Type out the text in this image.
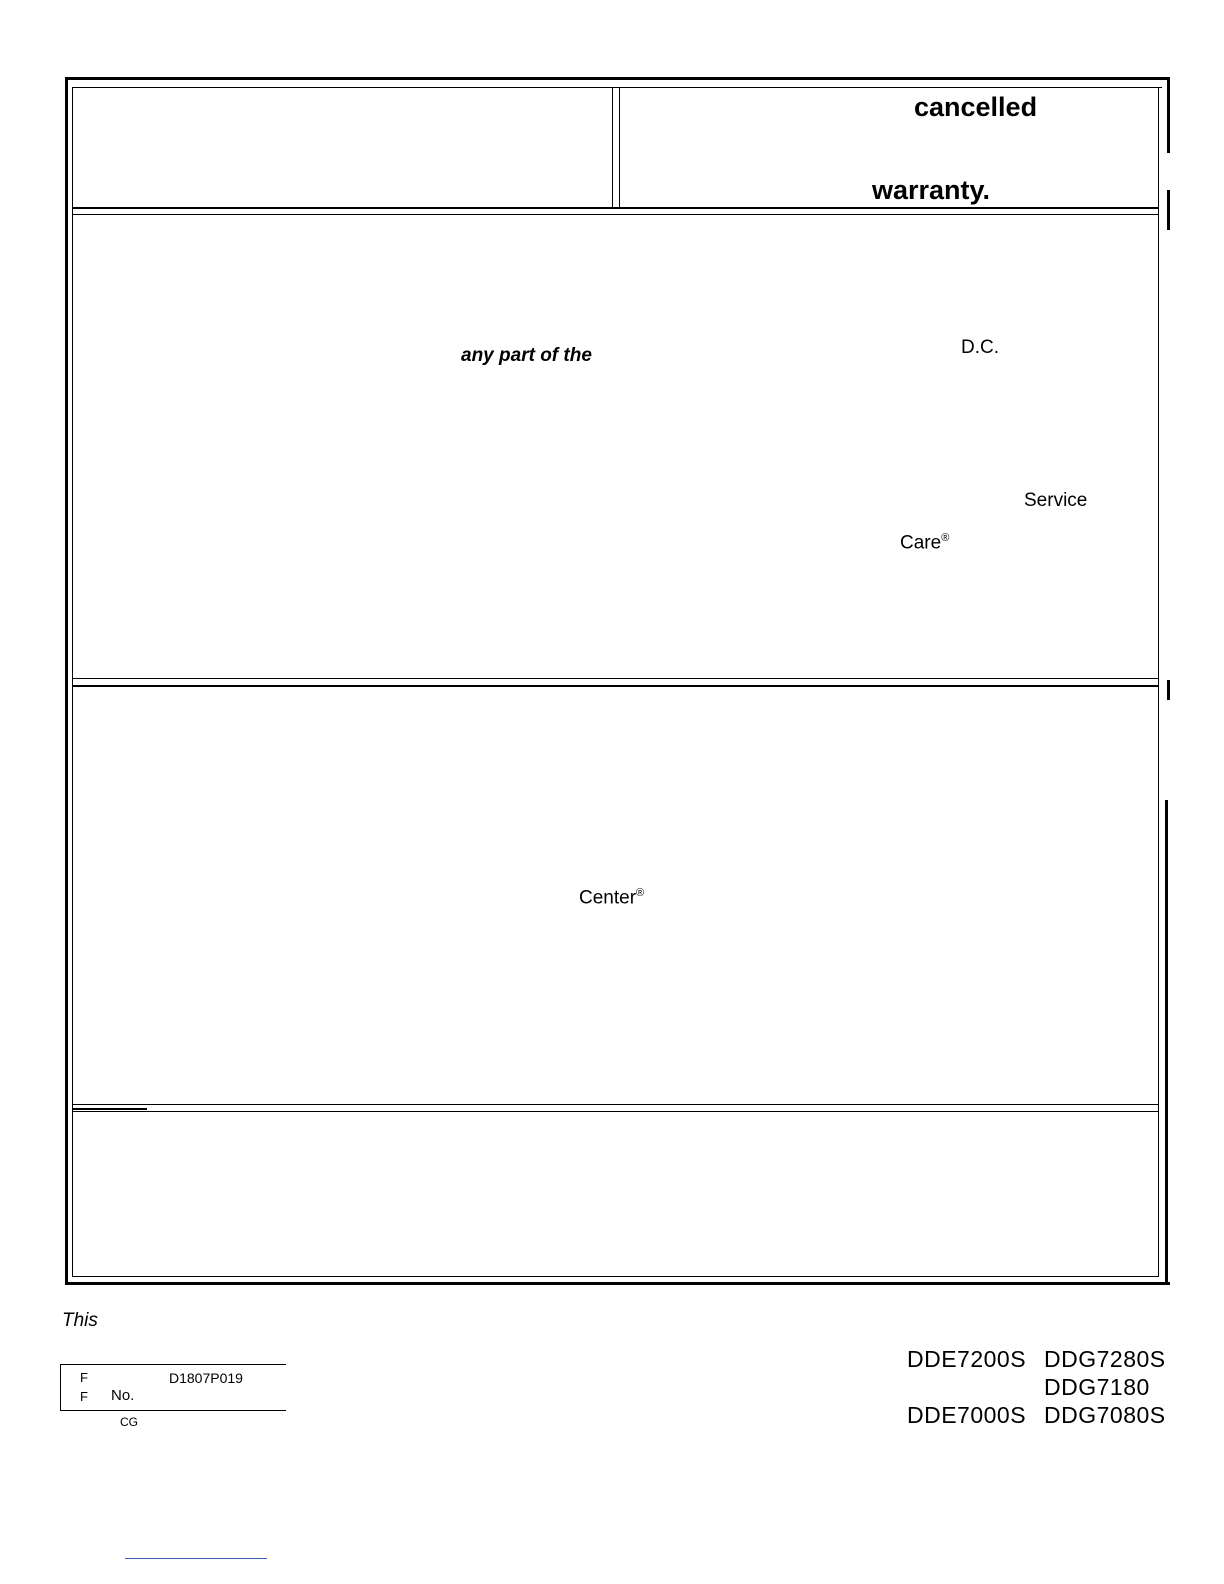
cancelled
warranty.
any part of the	D.C.
Service
Care®
Center®
This
F	D1807P019
F No.
CG
DDE7200S
DDE7000S
DDG7280S
DDG7180
DDG7080S
